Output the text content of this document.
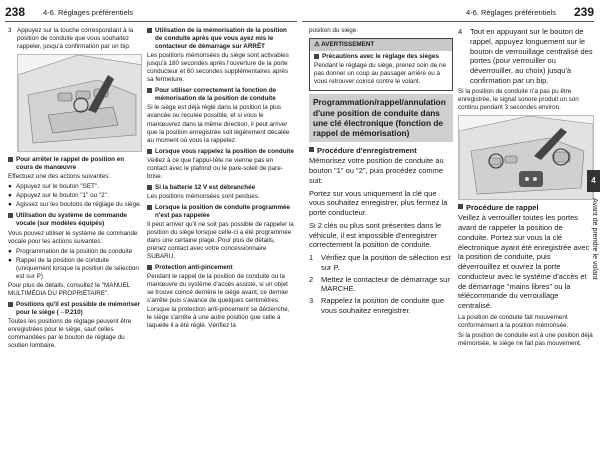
238 4-6. Réglages préférentiels
3 Appuyez sur la touche correspondant à la position de conduite que vous souhaitez rappeler, jusqu'à confirmation par un bip.
Pour arrêter le rappel de position en cours de manœuvre

Effectuez une des actions suivantes:

● Appuyez sur le bouton "SET".
● Appuyez sur le bouton "1" ou "2".
● Agissez sur les boutons de réglage du siège.
Utilisation du système de commande vocale (sur modèles équipés)

Vous pouvez utiliser le système de commande vocale pour les actions suivantes:

● Programmation de la position de conduite
● Rappel de la position de conduite (uniquement lorsque la position de sélection est sur P)

Pour plus de détails, consultez le "MANUEL MULTIMÉDIA DU PROPRIÉTAIRE".

Positions qu'il est possible de mémoriser pour le siège (→P.210)

Toutes les positions de réglage peuvent être enregistrées pour le siège, sauf celles commandées par le bouton de réglage du soutien lombaire.

Utilisation de la mémorisation de la position de conduite après que vous ayez mis le contacteur de démarrage sur ARRÊT

Les positions mémorisées du siège sont activables jusqu'à 180 secondes après l'ouverture de la porte conducteur et 60 secondes supplémentaires après sa fermeture.

Pour utiliser correctement la fonction de mémorisation de la position de conduite

Si le siège est déjà réglé dans la position la plus avancée ou reculée possible, et si vous le manœuvrez dans la même direction, il peut arriver que la position enregistrée soit légèrement décalée au moment où vous la rappelez.

Lorsque vous rappelez la position de conduite

Veillez à ce que l'appui-tête ne vienne pas en contact avec le plafond ou le pare-soleil de pare-brise.

Si la batterie 12 V est débranchée

Les positions mémorisées sont perdues.

Lorsque la position de conduite programmée n'est pas rappelée

Il peut arriver qu'il ne soit pas possible de rappeler la position du siège lorsque celle-ci a été programmée dans une certaine plage. Pour plus de détails, prenez contact avec votre concessionnaire SUBARU.

Protection anti-pincement

Pendant le rappel de la position de conduite ou la manœuvre du système d'accès assisté, si un objet se trouve coincé derrière le siège avant, ce dernier s'arrête puis s'avance de quelques centimètres. Lorsque la protection anti-pincement se déclenche, le siège s'arrête à une autre position que celle à laquelle il a été réglé. Vérifiez la

4-6. Réglages préférentiels 239

position du siège.

⚠ AVERTISSEMENT
Précautions avec le réglage des sièges

Pendant le réglage du siège, prenez soin de ne pas donner un coup au passager arrière ou à vous retrouver coincé contre le volant.

Programmation/rappel/annulation d'une position de conduite dans une clé électronique (fonction de rappel de mémorisation)
Procédure d'enregistrement

Mémorisez votre position de conduite au bouton "1" ou "2", puis procédez comme suit:

Portez sur vous uniquement la clé que vous souhaitez enregistrer, plus fermez la porte conducteur.

Si 2 clés ou plus sont présentes dans le véhicule, il est impossible d'enregistrer correctement la position de conduite.

1	Vérifiez que la position de sélection est sur P.
2	Mettez le contacteur de démarrage sur MARCHE.
3	Rappelez la position de conduite que vous souhaitez enregistrer.
4	Tout en appuyant sur le bouton de rappel, appuyez longuement sur le bouton de verrouillage centralisé des portes (pour verrouiller ou déverrouiller, au choix) jusqu'à confirmation par un bip.

Si la position de conduite n'a pas pu être enregistrée, le signal sonore produit un son continu pendant 3 secondes environ.

Procédure de rappel

Veillez à verrouiller toutes les portes avant de rappeler la position de conduite. Portez sur vous la clé électronique ayant été enregistrée avec la position de conduite, puis déverrouillez et ouvrez la porte conducteur avec le système d'accès et de démarrage "mains libres" ou la télécommande du verrouillage centralisé.

La position de conduite fait mouvement conformément à la position mémorisée.

Si la position de conduite est à une position déjà mémorisée, le siège ne fait pas mouvement.

4
Avant de prendre le volant
